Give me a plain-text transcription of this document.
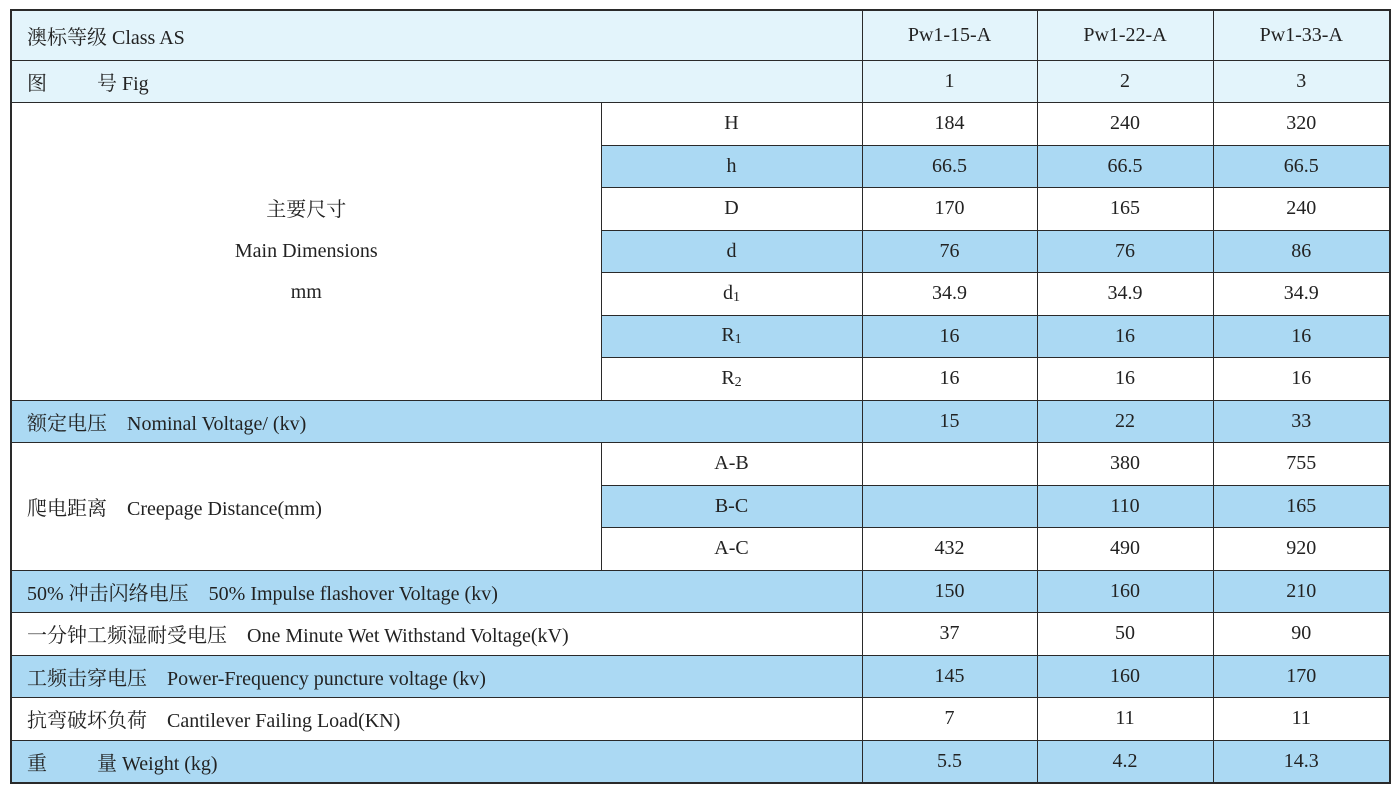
澳标等级 Class AS		Pw1-15-A	Pw1-22-A	Pw1-33-A
图 号 Fig		1	2	3

主要尺寸
Main Dimensions
mm	H	184	240	320
	h	66.5	66.5	66.5
	D	170	165	240
	d	76	76	86
	$d_1$	34.9	34.9	34.9
	$R_1$	16	16	16
	$R_2$	16	16	16
额定电压　Nominal Voltage/ (kv)		15	22	33
爬电距离　Creepage Distance(mm)	A-B		380	755
	B-C		110	165
	A-C	432	490	920
50% 冲击闪络电压　50% Impulse flashover Voltage (kv)		150	160	210
一分钟工频湿耐受电压　One Minute Wet Withstand Voltage(kV)		37	50	90
工频击穿电压　Power-Frequency puncture voltage (kv)		145	160	170
抗弯破坏负荷　Cantilever Failing Load(KN)		7	11	11
重 量 Weight (kg)		5.5	4.2	14.3
